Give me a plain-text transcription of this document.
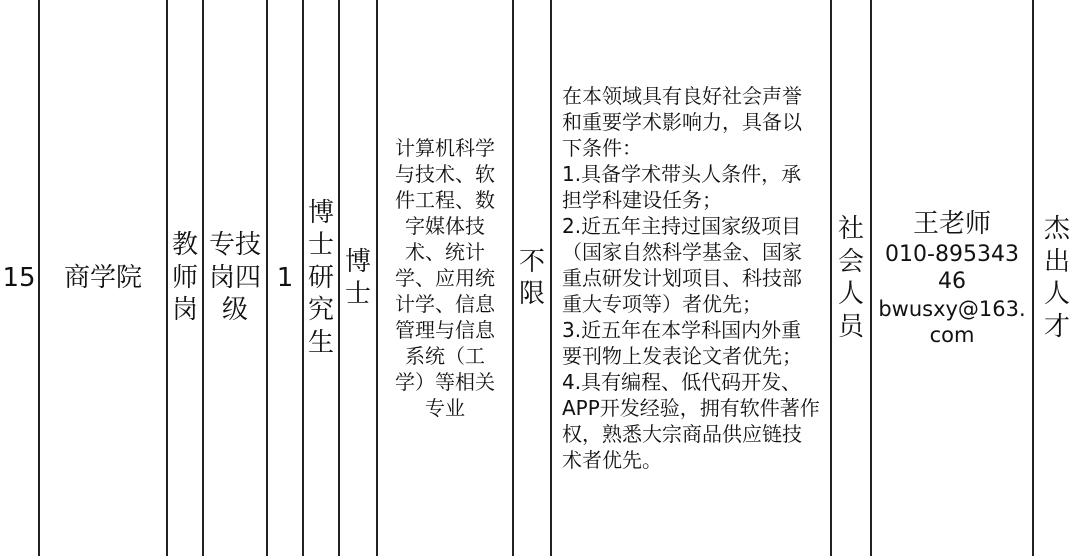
15 商学院
教师岗
专技岗四级
1
博士研究生
博士
计算机科学与技术、软件工程、数字媒体技术、统计学、应用统计学、信息管理与信息系统（工学）等相关专业
不限
在本领域具有良好社会声誉和重要学术影响力，具备以下条件：
1.具备学术带头人条件，承担学科建设任务；
2.近五年主持过国家级项目（国家自然科学基金、国家重点研发计划项目、科技部重大专项等）者优先；
3.近五年在本学科国内外重要刊物上发表论文者优先；
4.具有编程、低代码开发、APP开发经验，拥有软件著作权，熟悉大宗商品供应链技术者优先。
社会人员
王老师
010-89534346
bwusxy@163.com
杰出人才
